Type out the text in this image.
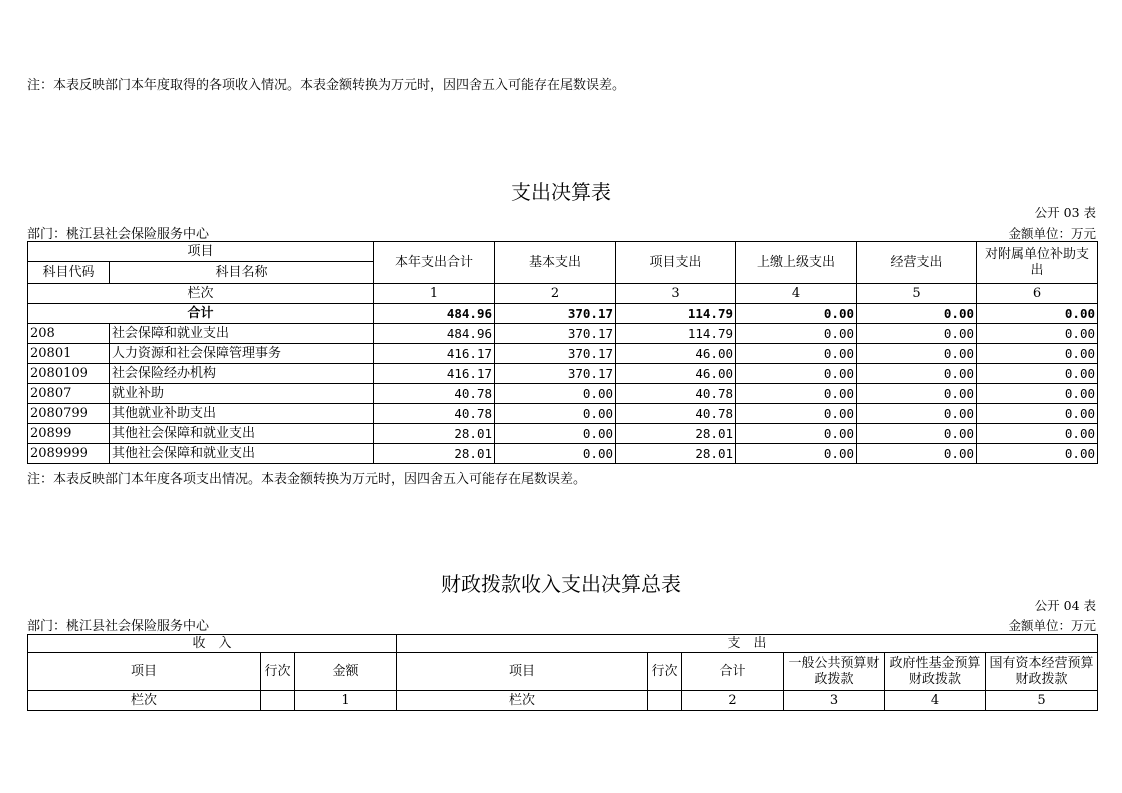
注：本表反映部门本年度取得的各项收入情况。本表金额转换为万元时，因四舍五入可能存在尾数误差。
支出决算表
公开 03 表
部门：桃江县社会保险服务中心	金额单位：万元
项目		本年支出合计	基本支出	项目支出	上缴上级支出	经营支出	对附属单位补助支出
科目代码	科目名称						
栏次		1	2	3	4	5	6
合计		484.96	370.17	114.79	0.00	0.00	0.00
208	社会保障和就业支出	484.96	370.17	114.79	0.00	0.00	0.00
20801	人力资源和社会保障管理事务	416.17	370.17	46.00	0.00	0.00	0.00
2080109	社会保险经办机构	416.17	370.17	46.00	0.00	0.00	0.00
20807	就业补助	40.78	0.00	40.78	0.00	0.00	0.00
2080799	其他就业补助支出	40.78	0.00	40.78	0.00	0.00	0.00
20899	其他社会保障和就业支出	28.01	0.00	28.01	0.00	0.00	0.00
2089999	其他社会保障和就业支出	28.01	0.00	28.01	0.00	0.00	0.00
注：本表反映部门本年度各项支出情况。本表金额转换为万元时，因四舍五入可能存在尾数误差。
财政拨款收入支出决算总表
公开 04 表
部门：桃江县社会保险服务中心	金额单位：万元
收　入			支　出					
项目	行次	金额	项目	行次	合计	一般公共预算财政拨款	政府性基金预算财政拨款	国有资本经营预算财政拨款
栏次		1	栏次		2	3	4	5
